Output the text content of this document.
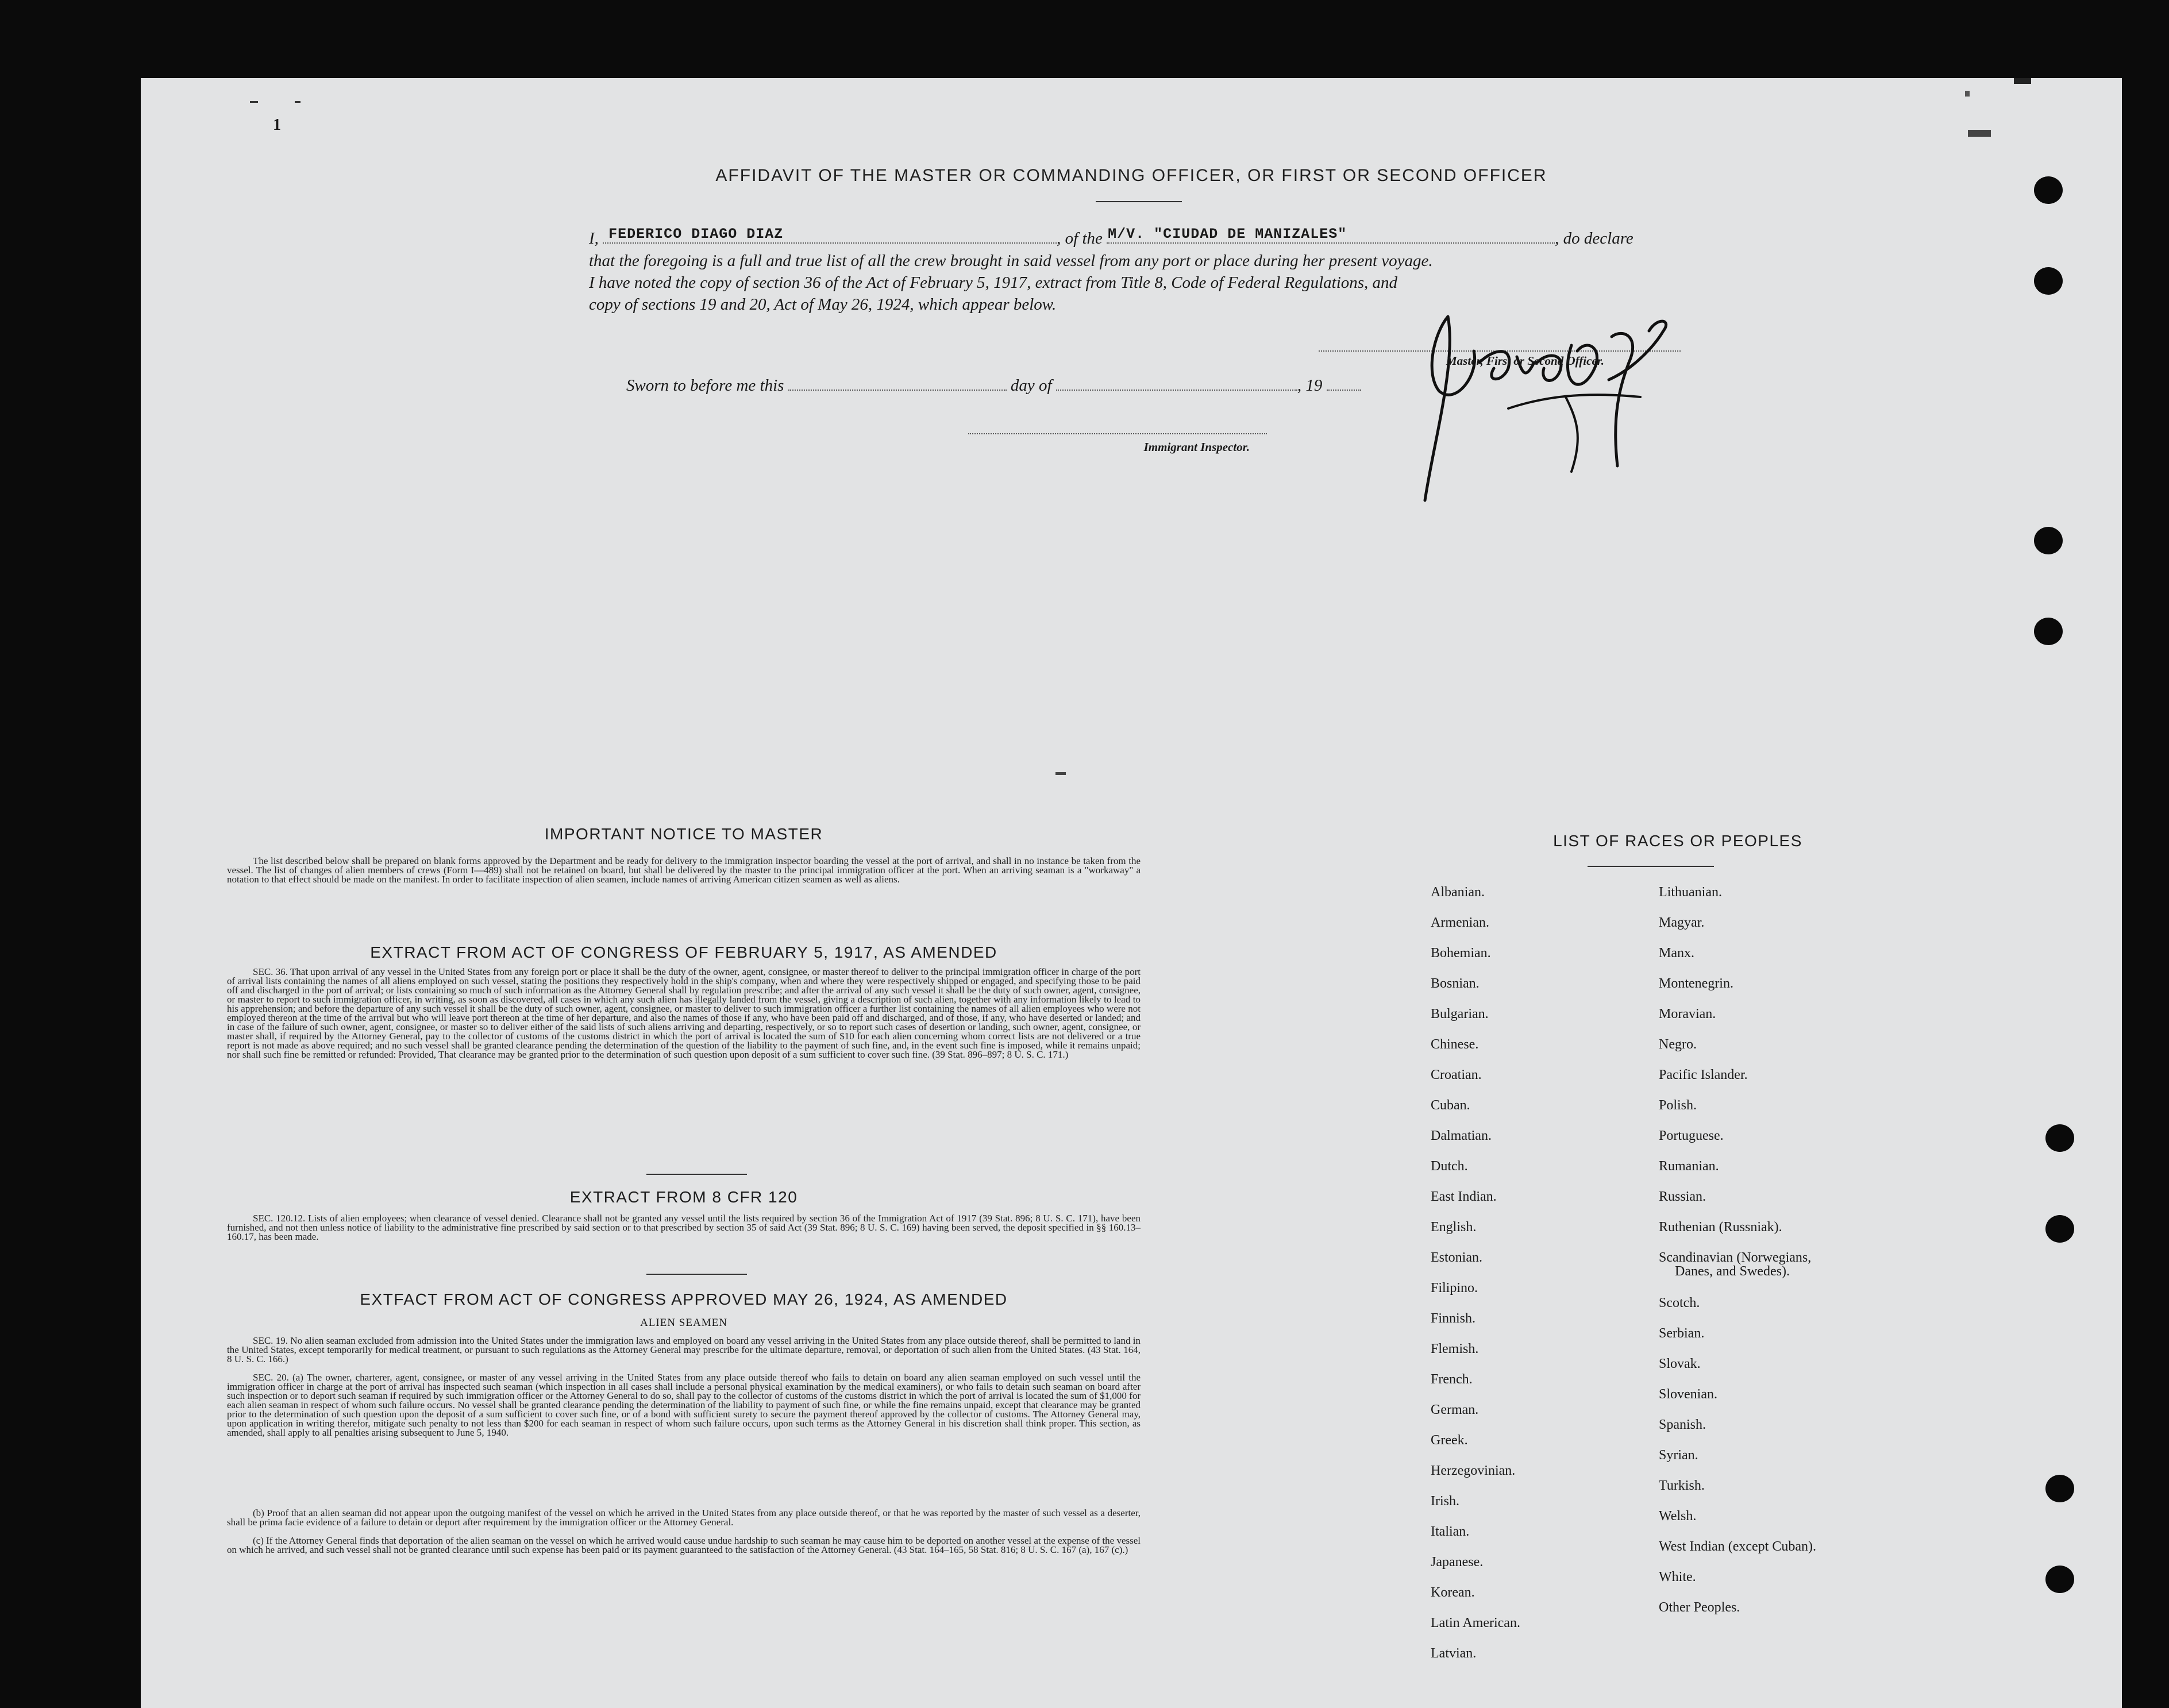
1
AFFIDAVIT OF THE MASTER OR COMMANDING OFFICER, OR FIRST OR SECOND OFFICER
I, FEDERICO DIAGO DIAZ	, of the M/V. "CIUDAD DE MANIZALES"	, do declare
that the foregoing is a full and true list of all the crew brought in said vessel from any port or place during her present voyage.
I have noted the copy of section 36 of the Act of February 5, 1917, extract from Title 8, Code of Federal Regulations, and
copy of sections 19 and 20, Act of May 26, 1924, which appear below.
Master, First or Second Officer.
Sworn to before me this	day of	, 19
Immigrant Inspector.
IMPORTANT NOTICE TO MASTER
The list described below shall be prepared on blank forms approved by the Department and be ready for delivery to the immigration inspector boarding the vessel at the port of arrival, and shall in no instance be taken from the vessel. The list of changes of alien members of crews (Form I—489) shall not be retained on board, but shall be delivered by the master to the principal immigration officer at the port. When an arriving seaman is a "workaway" a notation to that effect should be made on the manifest. In order to facilitate inspection of alien seamen, include names of arriving American citizen seamen as well as aliens.
EXTRACT FROM ACT OF CONGRESS OF FEBRUARY 5, 1917, AS AMENDED
SEC. 36. That upon arrival of any vessel in the United States from any foreign port or place it shall be the duty of the owner, agent, consignee, or master thereof to deliver to the principal immigration officer in charge of the port of arrival lists containing the names of all aliens employed on such vessel, stating the positions they respectively hold in the ship's company, when and where they were respectively shipped or engaged, and specifying those to be paid off and discharged in the port of arrival; or lists containing so much of such information as the Attorney General shall by regulation prescribe; and after the arrival of any such vessel it shall be the duty of such owner, agent, consignee, or master to report to such immigration officer, in writing, as soon as discovered, all cases in which any such alien has illegally landed from the vessel, giving a description of such alien, together with any information likely to lead to his apprehension; and before the departure of any such vessel it shall be the duty of such owner, agent, consignee, or master to deliver to such immigration officer a further list containing the names of all alien employees who were not employed thereon at the time of the arrival but who will leave port thereon at the time of her departure, and also the names of those if any, who have been paid off and discharged, and of those, if any, who have deserted or landed; and in case of the failure of such owner, agent, consignee, or master so to deliver either of the said lists of such aliens arriving and departing, respectively, or so to report such cases of desertion or landing, such owner, agent, consignee, or master shall, if required by the Attorney General, pay to the collector of customs of the customs district in which the port of arrival is located the sum of $10 for each alien concerning whom correct lists are not delivered or a true report is not made as above required; and no such vessel shall be granted clearance pending the determination of the question of the liability to the payment of such fine, and, in the event such fine is imposed, while it remains unpaid; nor shall such fine be remitted or refunded: Provided, That clearance may be granted prior to the determination of such question upon deposit of a sum sufficient to cover such fine. (39 Stat. 896–897; 8 U. S. C. 171.)
EXTRACT FROM 8 CFR 120
SEC. 120.12. Lists of alien employees; when clearance of vessel denied. Clearance shall not be granted any vessel until the lists required by section 36 of the Immigration Act of 1917 (39 Stat. 896; 8 U. S. C. 171), have been furnished, and not then unless notice of liability to the administrative fine prescribed by said section or to that prescribed by section 35 of said Act (39 Stat. 896; 8 U. S. C. 169) having been served, the deposit specified in §§ 160.13–160.17, has been made.
EXTFACT FROM ACT OF CONGRESS APPROVED MAY 26, 1924, AS AMENDED
ALIEN SEAMEN
SEC. 19. No alien seaman excluded from admission into the United States under the immigration laws and employed on board any vessel arriving in the United States from any place outside thereof, shall be permitted to land in the United States, except temporarily for medical treatment, or pursuant to such regulations as the Attorney General may prescribe for the ultimate departure, removal, or deportation of such alien from the United States. (43 Stat. 164, 8 U. S. C. 166.)
SEC. 20. (a) The owner, charterer, agent, consignee, or master of any vessel arriving in the United States from any place outside thereof who fails to detain on board any alien seaman employed on such vessel until the immigration officer in charge at the port of arrival has inspected such seaman (which inspection in all cases shall include a personal physical examination by the medical examiners), or who fails to detain such seaman on board after such inspection or to deport such seaman if required by such immigration officer or the Attorney General to do so, shall pay to the collector of customs of the customs district in which the port of arrival is located the sum of $1,000 for each alien seaman in respect of whom such failure occurs. No vessel shall be granted clearance pending the determination of the liability to payment of such fine, or while the fine remains unpaid, except that clearance may be granted prior to the determination of such question upon the deposit of a sum sufficient to cover such fine, or of a bond with sufficient surety to secure the payment thereof approved by the collector of customs. The Attorney General may, upon application in writing therefor, mitigate such penalty to not less than $200 for each seaman in respect of whom such failure occurs, upon such terms as the Attorney General in his discretion shall think proper. This section, as amended, shall apply to all penalties arising subsequent to June 5, 1940.
(b) Proof that an alien seaman did not appear upon the outgoing manifest of the vessel on which he arrived in the United States from any place outside thereof, or that he was reported by the master of such vessel as a deserter, shall be prima facie evidence of a failure to detain or deport after requirement by the immigration officer or the Attorney General.
(c) If the Attorney General finds that deportation of the alien seaman on the vessel on which he arrived would cause undue hardship to such seaman he may cause him to be deported on another vessel at the expense of the vessel on which he arrived, and such vessel shall not be granted clearance until such expense has been paid or its payment guaranteed to the satisfaction of the Attorney General. (43 Stat. 164–165, 58 Stat. 816; 8 U. S. C. 167 (a), 167 (c).)
LIST OF RACES OR PEOPLES
Albanian.
Armenian.
Bohemian.
Bosnian.
Bulgarian.
Chinese.
Croatian.
Cuban.
Dalmatian.
Dutch.
East Indian.
English.
Estonian.
Filipino.
Finnish.
Flemish.
French.
German.
Greek.
Herzegovinian.
Irish.
Italian.
Japanese.
Korean.
Latin American.
Latvian.
Lithuanian.
Magyar.
Manx.
Montenegrin.
Moravian.
Negro.
Pacific Islander.
Polish.
Portuguese.
Rumanian.
Russian.
Ruthenian (Russniak).
Scandinavian (Norwegians,
Danes, and Swedes).
Scotch.
Serbian.
Slovak.
Slovenian.
Spanish.
Syrian.
Turkish.
Welsh.
West Indian (except Cuban).
White.
Other Peoples.
